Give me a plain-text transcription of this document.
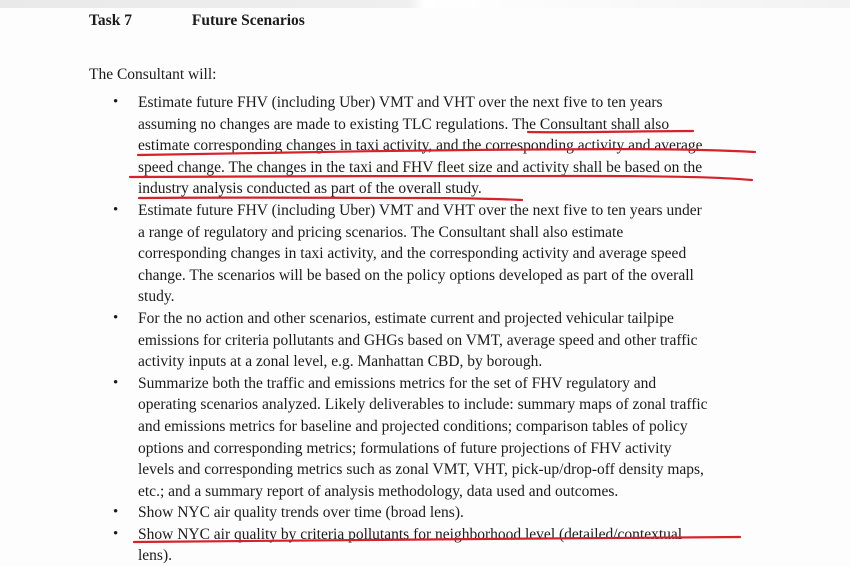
Task 7	Future Scenarios
The Consultant will:
• Estimate future FHV (including Uber) VMT and VHT over the next five to ten years
assuming no changes are made to existing TLC regulations. The Consultant shall also
estimate corresponding changes in taxi activity, and the corresponding activity and average
speed change. The changes in the taxi and FHV fleet size and activity shall be based on the
industry analysis conducted as part of the overall study.
• Estimate future FHV (including Uber) VMT and VHT over the next five to ten years under
a range of regulatory and pricing scenarios. The Consultant shall also estimate
corresponding changes in taxi activity, and the corresponding activity and average speed
change. The scenarios will be based on the policy options developed as part of the overall
study.
• For the no action and other scenarios, estimate current and projected vehicular tailpipe
emissions for criteria pollutants and GHGs based on VMT, average speed and other traffic
activity inputs at a zonal level, e.g. Manhattan CBD, by borough.
• Summarize both the traffic and emissions metrics for the set of FHV regulatory and
operating scenarios analyzed. Likely deliverables to include: summary maps of zonal traffic
and emissions metrics for baseline and projected conditions; comparison tables of policy
options and corresponding metrics; formulations of future projections of FHV activity
levels and corresponding metrics such as zonal VMT, VHT, pick-up/drop-off density maps,
etc.; and a summary report of analysis methodology, data used and outcomes.
• Show NYC air quality trends over time (broad lens).
• Show NYC air quality by criteria pollutants for neighborhood level (detailed/contextual
lens).
